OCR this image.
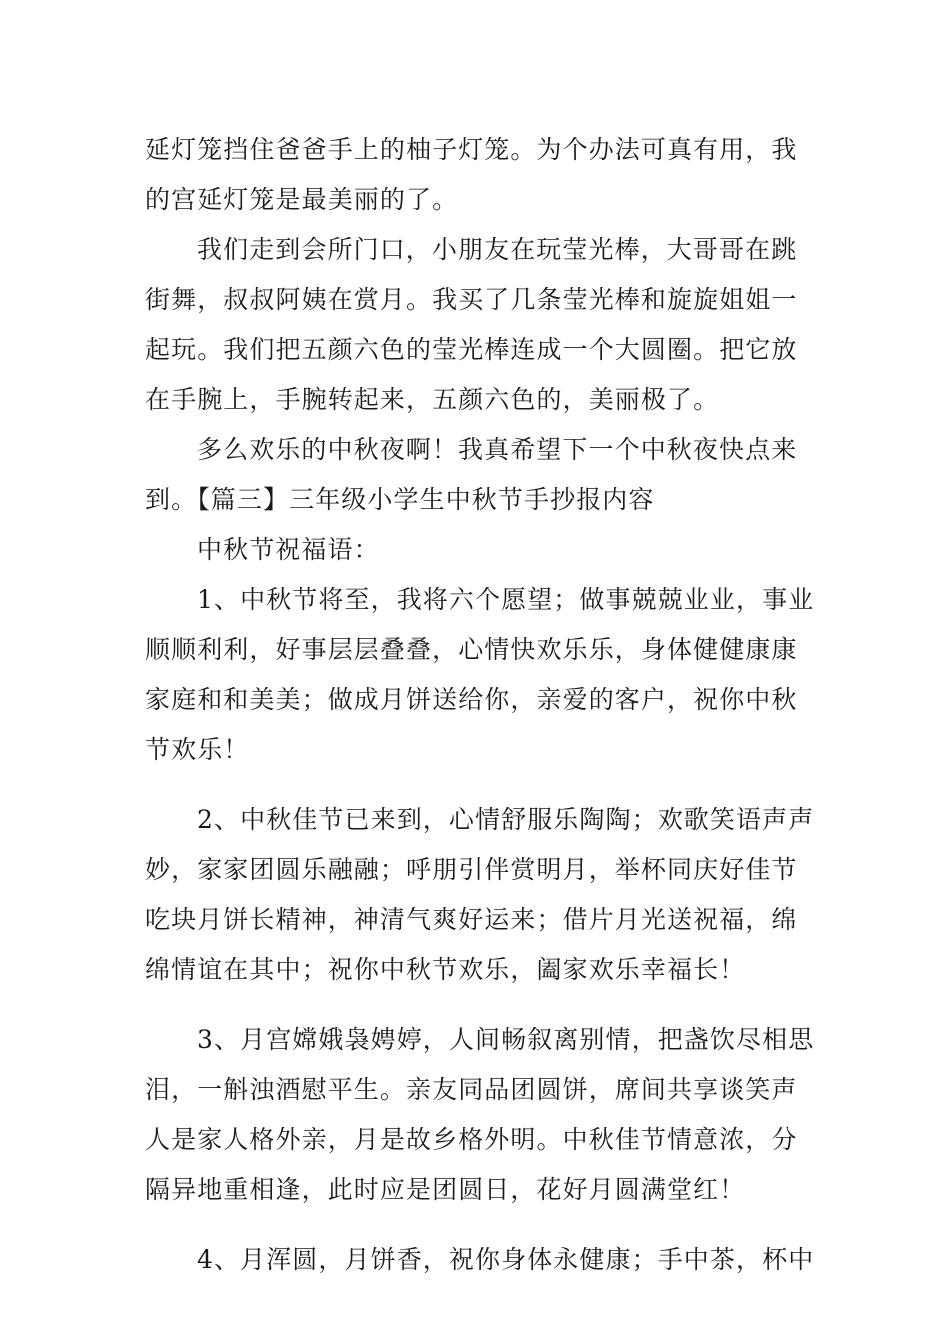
延灯笼挡住爸爸手上的柚子灯笼。为个办法可真有用，我
的宫延灯笼是最美丽的了。
我们走到会所门口，小朋友在玩莹光棒，大哥哥在跳
街舞，叔叔阿姨在赏月。我买了几条莹光棒和旋旋姐姐一
起玩。我们把五颜六色的莹光棒连成一个大圆圈。把它放
在手腕上，手腕转起来，五颜六色的，美丽极了。
多么欢乐的中秋夜啊！我真希望下一个中秋夜快点来
到。【篇三】三年级小学生中秋节手抄报内容
中秋节祝福语：
1、中秋节将至，我将六个愿望；做事兢兢业业，事业
顺顺利利，好事层层叠叠，心情快欢乐乐，身体健健康康
家庭和和美美；做成月饼送给你，亲爱的客户，祝你中秋
节欢乐！
2、中秋佳节已来到，心情舒服乐陶陶；欢歌笑语声声
妙，家家团圆乐融融；呼朋引伴赏明月，举杯同庆好佳节
吃块月饼长精神，神清气爽好运来；借片月光送祝福，绵
绵情谊在其中；祝你中秋节欢乐，阖家欢乐幸福长！
3、月宫嫦娥袅娉婷，人间畅叙离别情，把盏饮尽相思
泪，一斛浊酒慰平生。亲友同品团圆饼，席间共享谈笑声
人是家人格外亲，月是故乡格外明。中秋佳节情意浓，分
隔异地重相逢，此时应是团圆日，花好月圆满堂红！
4、月浑圆，月饼香，祝你身体永健康；手中茶，杯中
